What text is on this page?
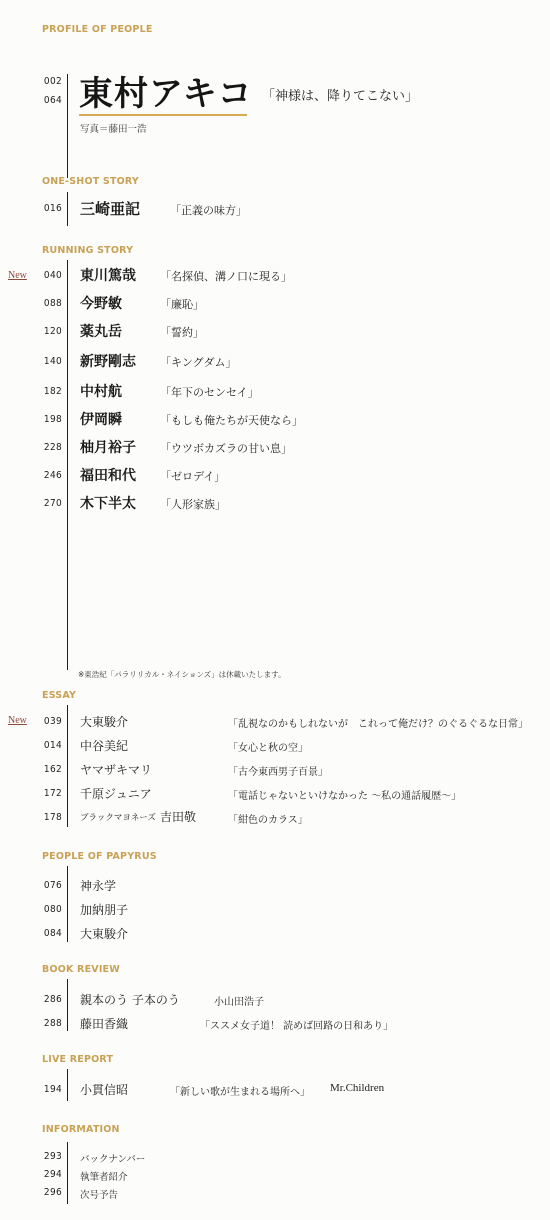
PROFILE OF PEOPLE
002
064 東村アキコ 「神様は、降りてこない」
写真＝藤田一浩
ONE-SHOT STORY
016 三崎亜記	「正義の味方」
RUNNING STORY
New	040 東川篤哉 「名探偵、溝ノ口に現る」
088 今野敏	「廉恥」
120 薬丸岳	「誓約」
140 新野剛志 「キングダム」
182 中村航	「年下のセンセイ」
198 伊岡瞬	「もしも俺たちが天使なら」
228 柚月裕子 「ウツボカズラの甘い息」
246 福田和代 「ゼロデイ」
270 木下半太 「人形家族」
※東浩紀「パラリリカル・ネイションズ」は休載いたします。
ESSAY
New	039 大東駿介	「乱視なのかもしれないが　これって俺だけ？のぐるぐるな日常」
014 中谷美紀	「女心と秋の空」
162 ヤマザキマリ	「古今東西男子百景」
172 千原ジュニア	「電話じゃないといけなかった ～私の通話履歴～」
178 ブラックマヨネーズ 吉田敬	「紺色のカラス」
PEOPLE OF PAPYRUS
076 神永学
080 加納朋子
084 大東駿介
BOOK REVIEW
286 親本のう 子本のう	小山田浩子
288 藤田香織	「ススメ女子道！ 読めば回路の日和あり」
LIVE REPORT
194 小貫信昭	「新しい歌が生まれる場所へ」 Mr.Children
INFORMATION
293 バックナンバー
294 執筆者紹介
296 次号予告
